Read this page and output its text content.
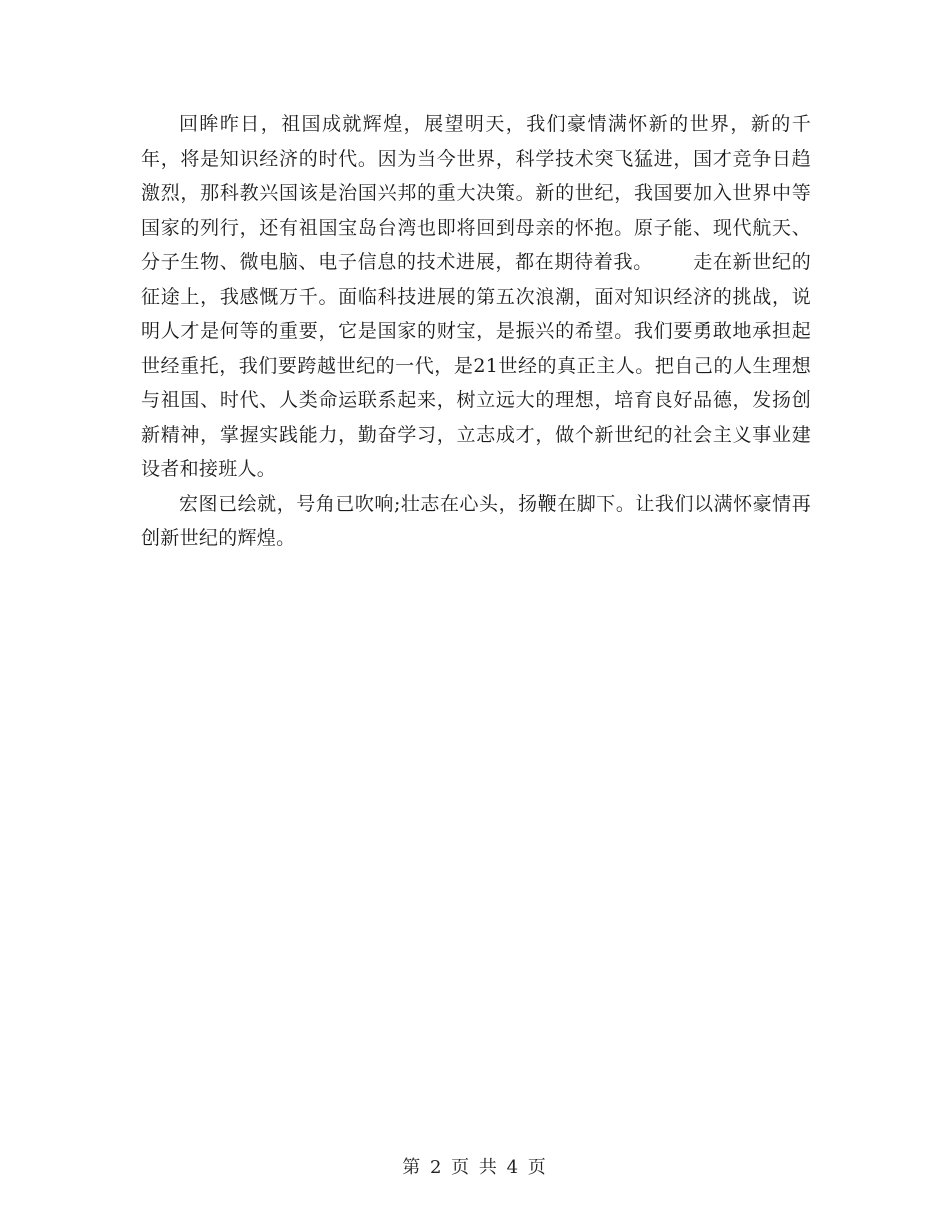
回眸昨日，祖国成就辉煌，展望明天，我们豪情满怀新的世界，新的千年，将是知识经济的时代。因为当今世界，科学技术突飞猛进，国才竞争日趋激烈，那科教兴国该是治国兴邦的重大决策。新的世纪，我国要加入世界中等国家的列行，还有祖国宝岛台湾也即将回到母亲的怀抱。原子能、现代航天、分子生物、微电脑、电子信息的技术进展，都在期待着我。      走在新世纪的征途上，我感慨万千。面临科技进展的第五次浪潮，面对知识经济的挑战，说明人才是何等的重要，它是国家的财宝，是振兴的希望。我们要勇敢地承担起世经重托，我们要跨越世纪的一代，是21世经的真正主人。把自己的人生理想与祖国、时代、人类命运联系起来，树立远大的理想，培育良好品德，发扬创新精神，掌握实践能力，勤奋学习，立志成才，做个新世纪的社会主义事业建设者和接班人。

宏图已绘就，号角已吹响;壮志在心头，扬鞭在脚下。让我们以满怀豪情再创新世纪的辉煌。

第 2 页 共 4 页
